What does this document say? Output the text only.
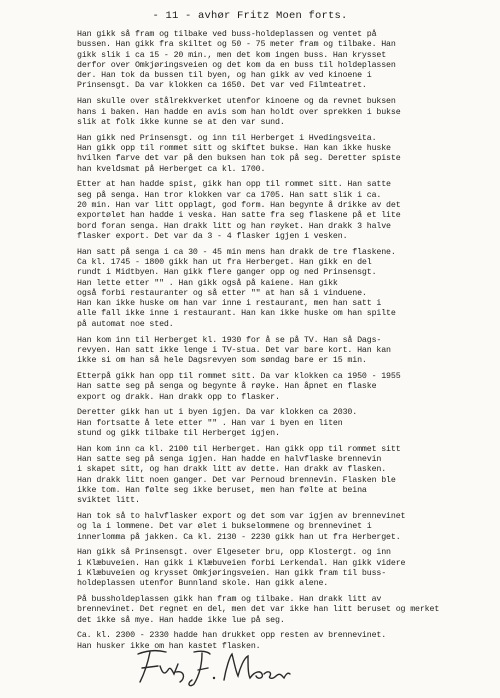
- 11 - avhør Fritz Moen forts.
Han gikk så fram og tilbake ved buss-holdeplassen og ventet på
bussen. Han gikk fra skiltet og 50 - 75 meter fram og tilbake. Han
gikk slik i ca 15 - 20 min., men det kom ingen buss. Han krysset
derfor over Omkjøringsveien og det kom da en buss til holdeplassen
der. Han tok da bussen til byen, og han gikk av ved kinoene i
Prinsensgt. Da var klokken ca 1650. Det var ved Filmteatret.
Han skulle over stålrekkverket utenfor kinoene og da revnet buksen
hans i baken. Han hadde en avis som han holdt over sprekken i bukse
slik at folk ikke kunne se at den var sund.
Han gikk ned Prinsensgt. og inn til Herberget i Hvedingsveita.
Han gikk opp til rommet sitt og skiftet bukse. Han kan ikke huske
hvilken farve det var på den buksen han tok på seg. Deretter spiste
han kveldsmat på Herberget ca kl. 1700.
Etter at han hadde spist, gikk han opp til rommet sitt. Han satte
seg på senga. Han tror klokken var ca 1705. Han satt slik i ca.
20 min. Han var litt opplagt, god form. Han begynte å drikke av det
exportølet han hadde i veska. Han satte fra seg flaskene på et lite
bord foran senga. Han drakk litt og han røyket. Han drakk 3 halve
flasker export. Det var da 3 - 4 flasker igjen i vesken.
Han satt på senga i ca 30 - 45 min mens han drakk de tre flaskene.
Ca kl. 1745 - 1800 gikk han ut fra Herberget. Han gikk en del
rundt i Midtbyen. Han gikk flere ganger opp og ned Prinsensgt.
Han lette etter "" . Han gikk også på kaiene. Han gikk
også forbi restauranter og så etter "" at han så i vinduene.
Han kan ikke huske om han var inne i restaurant, men han satt i
alle fall ikke inne i restaurant. Han kan ikke huske om han spilte
på automat noe sted.
Han kom inn til Herberget kl. 1930 for å se på TV. Han så Dags-
revyen. Han satt ikke lenge i TV-stua. Det var bare kort. Han kan
ikke si om han så hele Dagsrevyen som søndag bare er 15 min.
Etterpå gikk han opp til rommet sitt. Da var klokken ca 1950 - 1955
Han satte seg på senga og begynte å røyke. Han åpnet en flaske
export og drakk. Han drakk opp to flasker.
Deretter gikk han ut i byen igjen. Da var klokken ca 2030.
Han fortsatte å lete etter "" . Han var i byen en liten
stund og gikk tilbake til Herberget igjen.
Han kom inn ca kl. 2100 til Herberget. Han gikk opp til rommet sitt
Han satte seg på senga igjen. Han hadde en halvflaske brennevin
i skapet sitt, og han drakk litt av dette. Han drakk av flasken.
Han drakk litt noen ganger. Det var Pernoud brennevin. Flasken ble
ikke tom. Han følte seg ikke beruset, men han følte at beina
sviktet litt.
Han tok så to halvflasker export og det som var igjen av brennevinet
og la i lommene. Det var ølet i bukselommene og brennevinet i
innerlomma på jakken. Ca kl. 2130 - 2230 gikk han ut fra Herberget.
Han gikk så Prinsensgt. over Elgeseter bru, opp Klostergt. og inn
i Klæbuveien. Han gikk i Klæbuveien forbi Lerkendal. Han gikk videre
i Klæbuveien og krysset Omkjøringsveien. Han gikk fram til buss-
holdeplassen utenfor Bunnland skole. Han gikk alene.
På bussholdeplassen gikk han fram og tilbake. Han drakk litt av
brennevinet. Det regnet en del, men det var ikke han litt beruset og merket
det ikke så mye. Han hadde ikke lue på seg.
Ca. kl. 2300 - 2330 hadde han drukket opp resten av brennevinet.
Han husker ikke om han kastet flasken.
